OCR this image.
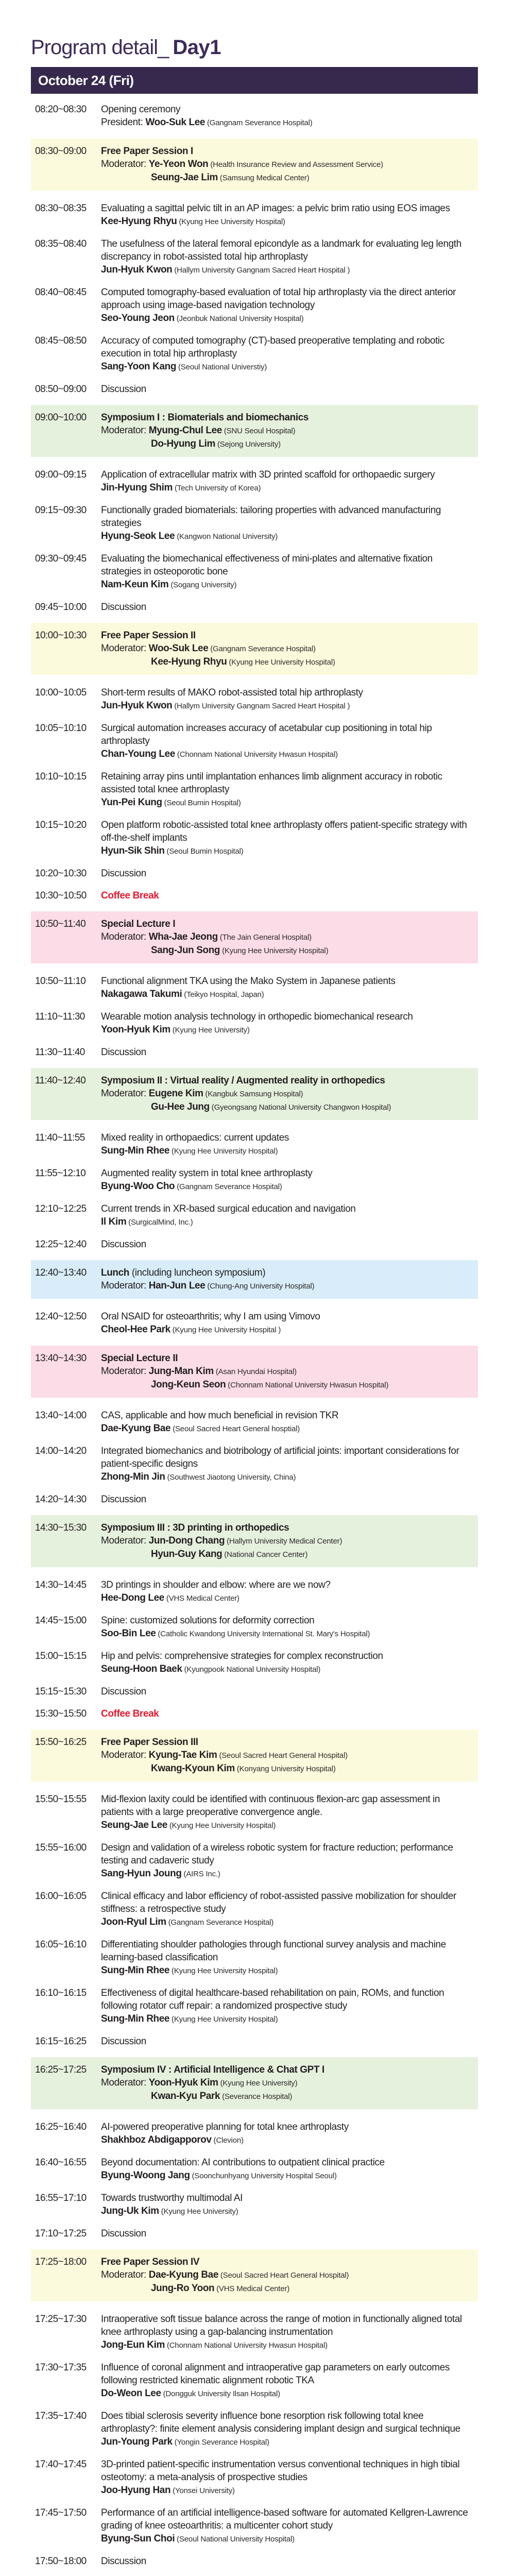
Program detail_ Day1
October 24 (Fri)
08:20~08:30	Opening ceremony
President: Woo-Suk Lee (Gangnam Severance Hospital)
08:30~09:00	Free Paper Session I
Moderator: Ye-Yeon Won (Health Insurance Review and Assessment Service)
Seung-Jae Lim (Samsung Medical Center)
08:30~08:35	Evaluating a sagittal pelvic tilt in an AP images: a pelvic brim ratio using EOS images
Kee-Hyung Rhyu (Kyung Hee University Hospital)
08:35~08:40	The usefulness of the lateral femoral epicondyle as a landmark for evaluating leg length discrepancy in robot-assisted total hip arthroplasty
Jun-Hyuk Kwon (Hallym University Gangnam Sacred Heart Hospital )
08:40~08:45	Computed tomography-based evaluation of total hip arthroplasty via the direct anterior approach using image-based navigation technology
Seo-Young Jeon (Jeonbuk National University Hospital)
08:45~08:50	Accuracy of computed tomography (CT)-based preoperative templating and robotic execution in total hip arthroplasty
Sang-Yoon Kang (Seoul National Universtiy)
08:50~09:00	Discussion
09:00~10:00	Symposium I : Biomaterials and biomechanics
Moderator: Myung-Chul Lee (SNU Seoul Hospital)
Do-Hyung Lim (Sejong University)
09:00~09:15	Application of extracellular matrix with 3D printed scaffold for orthopaedic surgery
Jin-Hyung Shim (Tech University of Korea)
09:15~09:30	Functionally graded biomaterials: tailoring properties with advanced manufacturing strategies
Hyung-Seok Lee (Kangwon National University)
09:30~09:45	Evaluating the biomechanical effectiveness of mini-plates and alternative fixation strategies in osteoporotic bone
Nam-Keun Kim (Sogang University)
09:45~10:00	Discussion
10:00~10:30	Free Paper Session II
Moderator: Woo-Suk Lee (Gangnam Severance Hospital)
Kee-Hyung Rhyu (Kyung Hee University Hospital)
10:00~10:05	Short-term results of MAKO robot-assisted total hip arthroplasty
Jun-Hyuk Kwon (Hallym University Gangnam Sacred Heart Hospital )
10:05~10:10	Surgical automation increases accuracy of acetabular cup positioning in total hip arthroplasty
Chan-Young Lee (Chonnam National University Hwasun Hospital)
10:10~10:15	Retaining array pins until implantation enhances limb alignment accuracy in robotic assisted total knee arthroplasty
Yun-Pei Kung (Seoul Bumin Hospital)
10:15~10:20	Open platform robotic-assisted total knee arthroplasty offers patient-specific strategy with off-the-shelf implants
Hyun-Sik Shin (Seoul Bumin Hospital)
10:20~10:30	Discussion
10:30~10:50	Coffee Break
10:50~11:40	Special Lecture I
Moderator: Wha-Jae Jeong (The Jain General Hospital)
Sang-Jun Song (Kyung Hee University Hospital)
10:50~11:10	Functional alignment TKA using the Mako System in Japanese patients
Nakagawa Takumi (Teikyo Hospital, Japan)
11:10~11:30	Wearable motion analysis technology in orthopedic biomechanical research
Yoon-Hyuk Kim (Kyung Hee University)
11:30~11:40	Discussion
11:40~12:40	Symposium II : Virtual reality / Augmented reality in orthopedics
Moderator: Eugene Kim (Kangbuk Samsung Hospital)
Gu-Hee Jung (Gyeongsang National University Changwon Hospital)
11:40~11:55	Mixed reality in orthopaedics: current updates
Sung-Min Rhee (Kyung Hee University Hospital)
11:55~12:10	Augmented reality system in total knee arthroplasty
Byung-Woo Cho (Gangnam Severance Hospital)
12:10~12:25	Current trends in XR-based surgical education and navigation
Il Kim (SurgicalMind, Inc.)
12:25~12:40	Discussion
12:40~13:40	Lunch (including luncheon symposium)
Moderator: Han-Jun Lee (Chung-Ang University Hospital)
12:40~12:50	Oral NSAID for osteoarthritis; why I am using Vimovo
Cheol-Hee Park (Kyung Hee University Hospital )
13:40~14:30	Special Lecture II
Moderator: Jung-Man Kim (Asan Hyundai Hospital)
Jong-Keun Seon (Chonnam National University Hwasun Hospital)
13:40~14:00	CAS, applicable and how much beneficial in revision TKR
Dae-Kyung Bae (Seoul Sacred Heart General hosptial)
14:00~14:20	Integrated biomechanics and biotribology of artificial joints: important considerations for patient-specific designs
Zhong-Min Jin (Southwest Jiaotong University, China)
14:20~14:30	Discussion
14:30~15:30	Symposium III : 3D printing in orthopedics
Moderator: Jun-Dong Chang (Hallym University Medical Center)
Hyun-Guy Kang (National Cancer Center)
14:30~14:45	3D printings in shoulder and elbow: where are we now?
Hee-Dong Lee (VHS Medical Center)
14:45~15:00	Spine: customized solutions for deformity correction
Soo-Bin Lee (Catholic Kwandong University International St. Mary's Hospital)
15:00~15:15	Hip and pelvis: comprehensive strategies for complex reconstruction
Seung-Hoon Baek (Kyungpook National University Hospital)
15:15~15:30	Discussion
15:30~15:50	Coffee Break
15:50~16:25	Free Paper Session III
Moderator: Kyung-Tae Kim (Seoul Sacred Heart General Hospital)
Kwang-Kyoun Kim (Konyang University Hospital)
15:50~15:55	Mid-flexion laxity could be identified with continuous flexion-arc gap assessment in patients with a large preoperative convergence angle.
Seung-Jae Lee (Kyung Hee University Hospital)
15:55~16:00	Design and validation of a wireless robotic system for fracture reduction; performance testing and cadaveric study
Sang-Hyun Joung (AIRS Inc.)
16:00~16:05	Clinical efficacy and labor efficiency of robot-assisted passive mobilization for shoulder stiffness: a retrospective study
Joon-Ryul Lim (Gangnam Severance Hospital)
16:05~16:10	Differentiating shoulder pathologies through functional survey analysis and machine learning-based classification
Sung-Min Rhee (Kyung Hee University Hospital)
16:10~16:15	Effectiveness of digital healthcare-based rehabilitation on pain, ROMs, and function following rotator cuff repair: a randomized prospective study
Sung-Min Rhee (Kyung Hee University Hospital)
16:15~16:25	Discussion
16:25~17:25	Symposium IV : Artificial Intelligence & Chat GPT I
Moderator: Yoon-Hyuk Kim (Kyung Hee University)
Kwan-Kyu Park (Severance Hospital)
16:25~16:40	AI-powered preoperative planning for total knee arthroplasty
Shakhboz Abdigapporov (Clevion)
16:40~16:55	Beyond documentation: AI contributions to outpatient clinical practice
Byung-Woong Jang (Soonchunhyang University Hospital Seoul)
16:55~17:10	Towards trustworthy multimodal AI
Jung-Uk Kim (Kyung Hee University)
17:10~17:25	Discussion
17:25~18:00	Free Paper Session IV
Moderator: Dae-Kyung Bae (Seoul Sacred Heart General Hospital)
Jung-Ro Yoon (VHS Medical Center)
17:25~17:30	Intraoperative soft tissue balance across the range of motion in functionally aligned total knee arthroplasty using a gap-balancing instrumentation
Jong-Eun Kim (Chonnam National University Hwasun Hospital)
17:30~17:35	Influence of coronal alignment and intraoperative gap parameters on early outcomes following restricted kinematic alignment robotic TKA
Do-Weon Lee (Dongguk University Ilsan Hospital)
17:35~17:40	Does tibial sclerosis severity influence bone resorption risk following total knee arthroplasty?: finite element analysis considering implant design and surgical technique
Jun-Young Park (Yongin Severance Hospital)
17:40~17:45	3D-printed patient-specific instrumentation versus conventional techniques in high tibial osteotomy: a meta-analysis of prospective studies
Joo-Hyung Han (Yonsei University)
17:45~17:50	Performance of an artificial intelligence-based software for automated Kellgren-Lawrence grading of knee osteoarthritis: a multicenter cohort study
Byung-Sun Choi (Seoul National University Hospital)
17:50~18:00	Discussion
